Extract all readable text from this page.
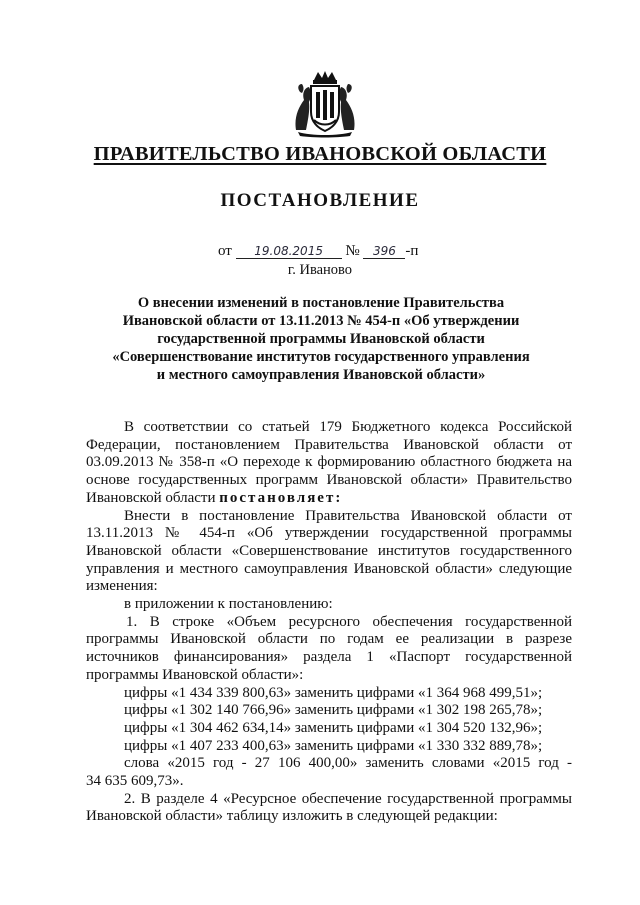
ПРАВИТЕЛЬСТВО ИВАНОВСКОЙ ОБЛАСТИ
ПОСТАНОВЛЕНИЕ
от 19.08.2015 № 396 -п
г. Иваново
О внесении изменений в постановление Правительства
Ивановской области от 13.11.2013 № 454-п «Об утверждении
государственной программы Ивановской области
«Совершенствование институтов государственного управления
и местного самоуправления Ивановской области»

В соответствии со статьей 179 Бюджетного кодекса Российской Федерации, постановлением Правительства Ивановской области от 03.09.2013 № 358-п «О переходе к формированию областного бюджета на основе государственных программ Ивановской области» Правительство Ивановской области постановляет:

Внести в постановление Правительства Ивановской области от 13.11.2013 № 454-п «Об утверждении государственной программы Ивановской области «Совершенствование институтов государственного управления и местного самоуправления Ивановской области» следующие изменения:

в приложении к постановлению:

1. В строке «Объем ресурсного обеспечения государственной программы Ивановской области по годам ее реализации в разрезе источников финансирования» раздела 1 «Паспорт государственной программы Ивановской области»:

цифры «1 434 339 800,63» заменить цифрами «1 364 968 499,51»;

цифры «1 302 140 766,96» заменить цифрами «1 302 198 265,78»;

цифры «1 304 462 634,14» заменить цифрами «1 304 520 132,96»;

цифры «1 407 233 400,63» заменить цифрами «1 330 332 889,78»;

слова «2015 год - 27 106 400,00» заменить словами «2015 год -

34 635 609,73».

2. В разделе 4 «Ресурсное обеспечение государственной программы Ивановской области» таблицу изложить в следующей редакции:
